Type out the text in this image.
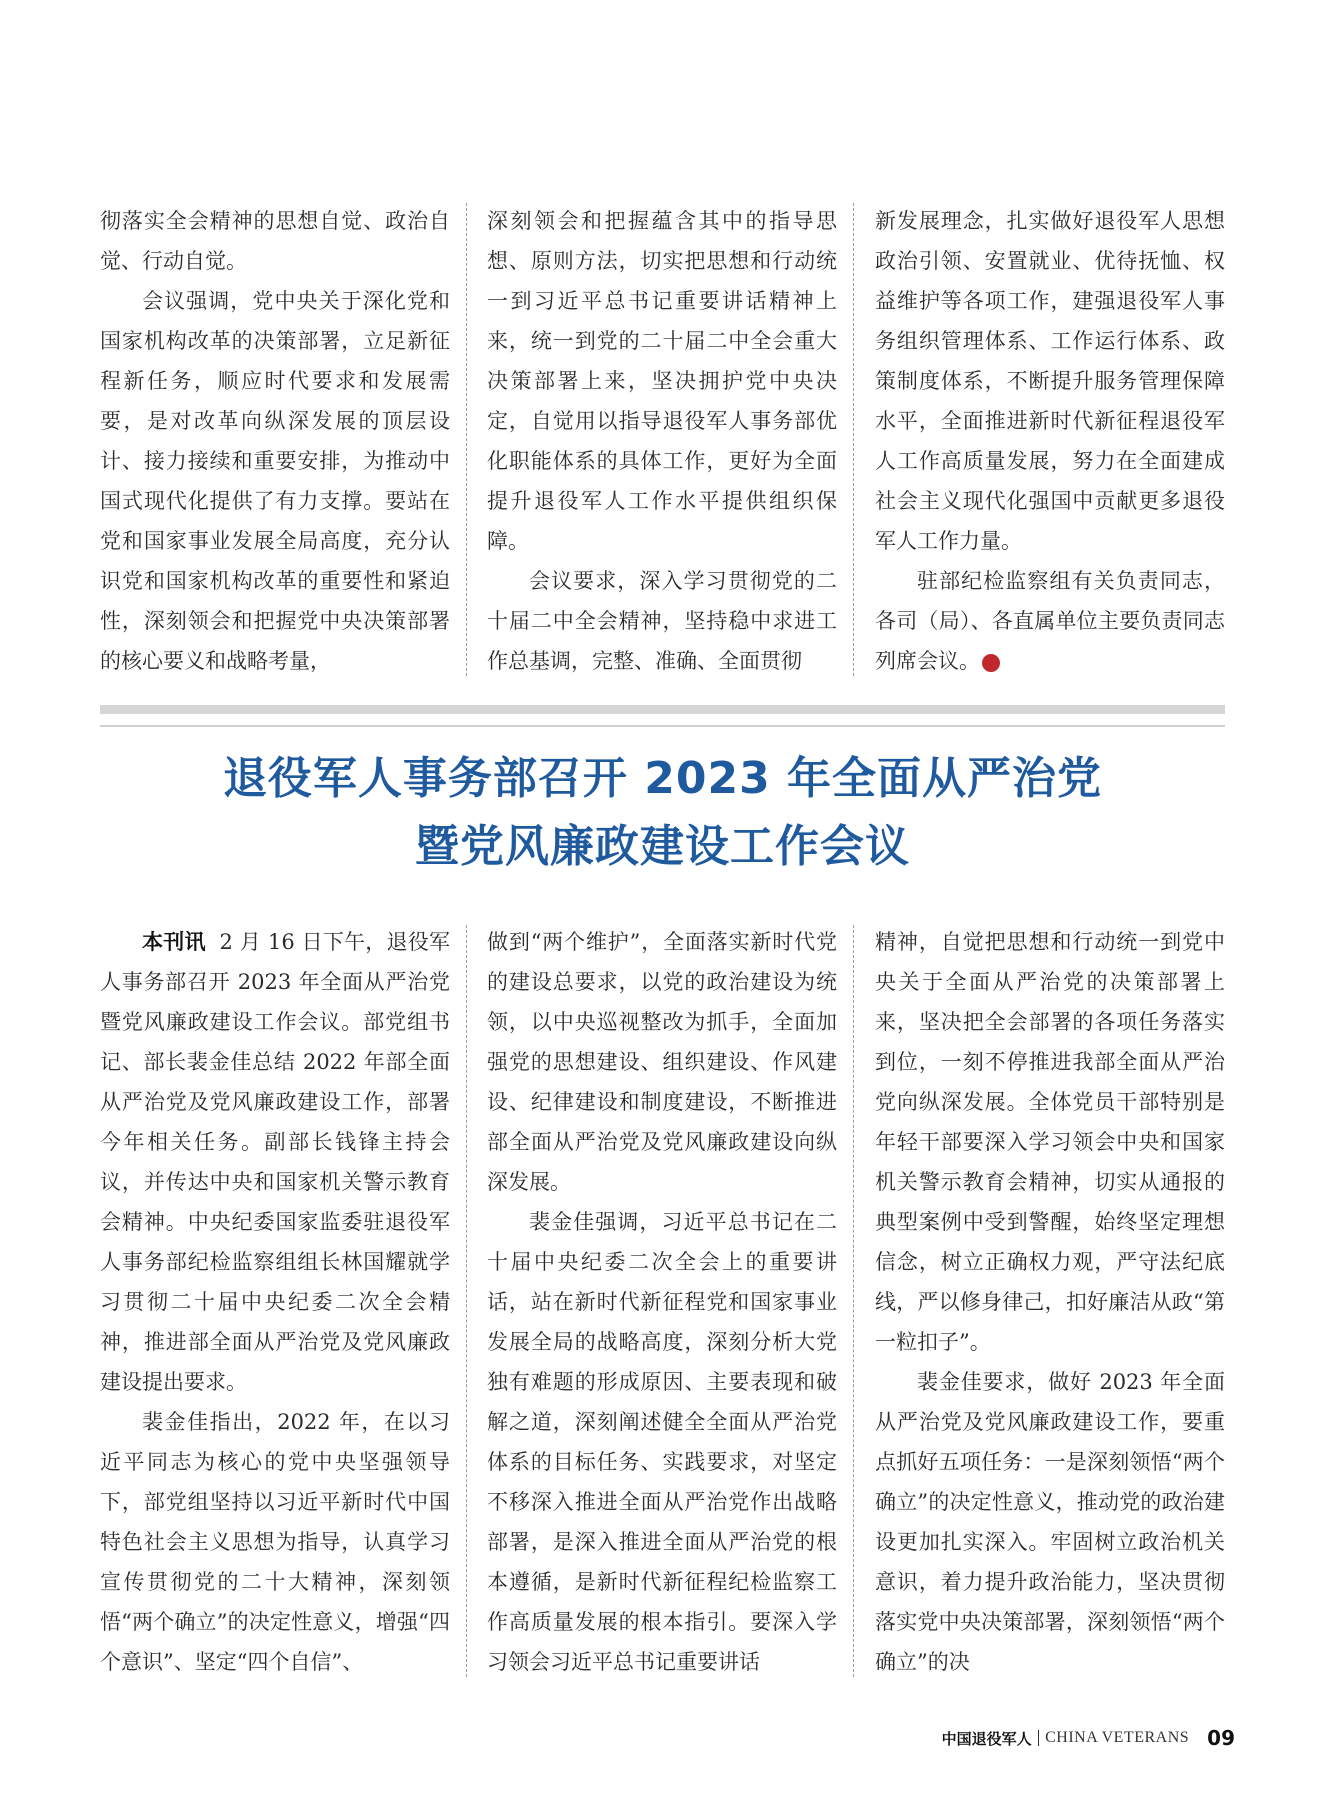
彻落实全会精神的思想自觉、政治自觉、行动自觉。

会议强调，党中央关于深化党和国家机构改革的决策部署，立足新征程新任务，顺应时代要求和发展需要，是对改革向纵深发展的顶层设计、接力接续和重要安排，为推动中国式现代化提供了有力支撑。要站在党和国家事业发展全局高度，充分认识党和国家机构改革的重要性和紧迫性，深刻领会和把握党中央决策部署的核心要义和战略考量，

深刻领会和把握蕴含其中的指导思想、原则方法，切实把思想和行动统一到习近平总书记重要讲话精神上来，统一到党的二十届二中全会重大决策部署上来，坚决拥护党中央决定，自觉用以指导退役军人事务部优化职能体系的具体工作，更好为全面提升退役军人工作水平提供组织保障。

会议要求，深入学习贯彻党的二十届二中全会精神，坚持稳中求进工作总基调，完整、准确、全面贯彻

新发展理念，扎实做好退役军人思想政治引领、安置就业、优待抚恤、权益维护等各项工作，建强退役军人事务组织管理体系、工作运行体系、政策制度体系，不断提升服务管理保障水平，全面推进新时代新征程退役军人工作高质量发展，努力在全面建成社会主义现代化强国中贡献更多退役军人工作力量。

驻部纪检监察组有关负责同志，各司（局）、各直属单位主要负责同志列席会议。	V

退役军人事务部召开 2023 年全面从严治党
暨党风廉政建设工作会议

本刊讯 2 月 16 日下午，退役军人事务部召开 2023 年全面从严治党暨党风廉政建设工作会议。部党组书记、部长裴金佳总结 2022 年部全面从严治党及党风廉政建设工作，部署今年相关任务。副部长钱锋主持会议，并传达中央和国家机关警示教育会精神。中央纪委国家监委驻退役军人事务部纪检监察组组长林国耀就学习贯彻二十届中央纪委二次全会精神，推进部全面从严治党及党风廉政建设提出要求。

裴金佳指出，2022 年，在以习近平同志为核心的党中央坚强领导下，部党组坚持以习近平新时代中国特色社会主义思想为指导，认真学习宣传贯彻党的二十大精神，深刻领悟“两个确立”的决定性意义，增强“四个意识”、坚定“四个自信”、

做到“两个维护”，全面落实新时代党的建设总要求，以党的政治建设为统领，以中央巡视整改为抓手，全面加强党的思想建设、组织建设、作风建设、纪律建设和制度建设，不断推进部全面从严治党及党风廉政建设向纵深发展。

裴金佳强调，习近平总书记在二十届中央纪委二次全会上的重要讲话，站在新时代新征程党和国家事业发展全局的战略高度，深刻分析大党独有难题的形成原因、主要表现和破解之道，深刻阐述健全全面从严治党体系的目标任务、实践要求，对坚定不移深入推进全面从严治党作出战略部署，是深入推进全面从严治党的根本遵循，是新时代新征程纪检监察工作高质量发展的根本指引。要深入学习领会习近平总书记重要讲话

精神，自觉把思想和行动统一到党中央关于全面从严治党的决策部署上来，坚决把全会部署的各项任务落实到位，一刻不停推进我部全面从严治党向纵深发展。全体党员干部特别是年轻干部要深入学习领会中央和国家机关警示教育会精神，切实从通报的典型案例中受到警醒，始终坚定理想信念，树立正确权力观，严守法纪底线，严以修身律己，扣好廉洁从政“第一粒扣子”。

裴金佳要求，做好 2023 年全面从严治党及党风廉政建设工作，要重点抓好五项任务：一是深刻领悟“两个确立”的决定性意义，推动党的政治建设更加扎实深入。牢固树立政治机关意识，着力提升政治能力，坚决贯彻落实党中央决策部署，深刻领悟“两个确立”的决

中国退役军人 CHINA VETERANS 09
